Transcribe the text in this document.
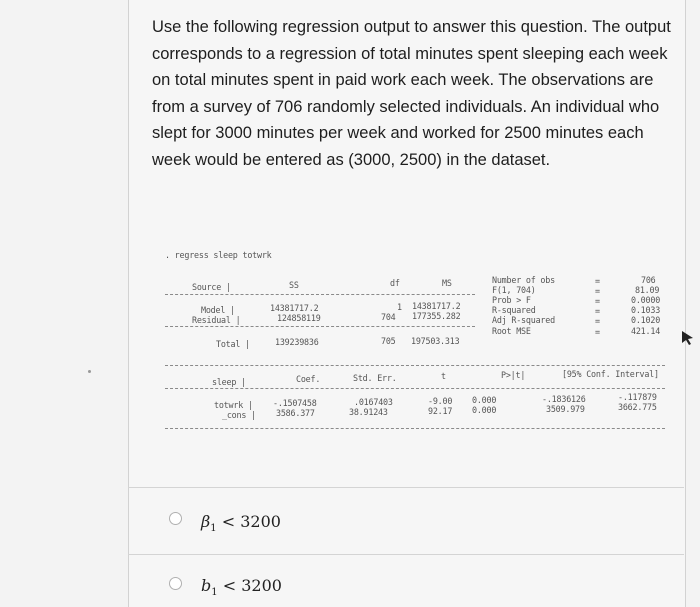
Use the following regression output to answer this question. The output corresponds to a regression of total minutes spent sleeping each week on total minutes spent in paid work each week. The observations are from a survey of 706 randomly selected individuals. An individual who slept for 3000 minutes per week and worked for 2500 minutes each week would be entered as (3000, 2500) in the dataset.

. regress sleep totwrk
Source |	SS	df	MS
Model |	14381717.2	1 14381717.2
Residual |	124858119	704 177355.282
Total |	139239836	705 197503.313
Number of obs	=	706
F(1, 704)	=	81.09
Prob > F	=	0.0000
R-squared	=	0.1033
Adj R-squared	=	0.1020
Root MSE	=	421.14
sleep |	Coef.	Std. Err.	t	P>|t|	[95% Conf. Interval]
totwrk | -.1507458	.0167403	-9.00 0.000	-.1836126	-.117879
_cons | 3586.377	38.91243	92.17 0.000	3509.979	3662.775
$\beta_1 < 3200$
$b_1 < 3200$
